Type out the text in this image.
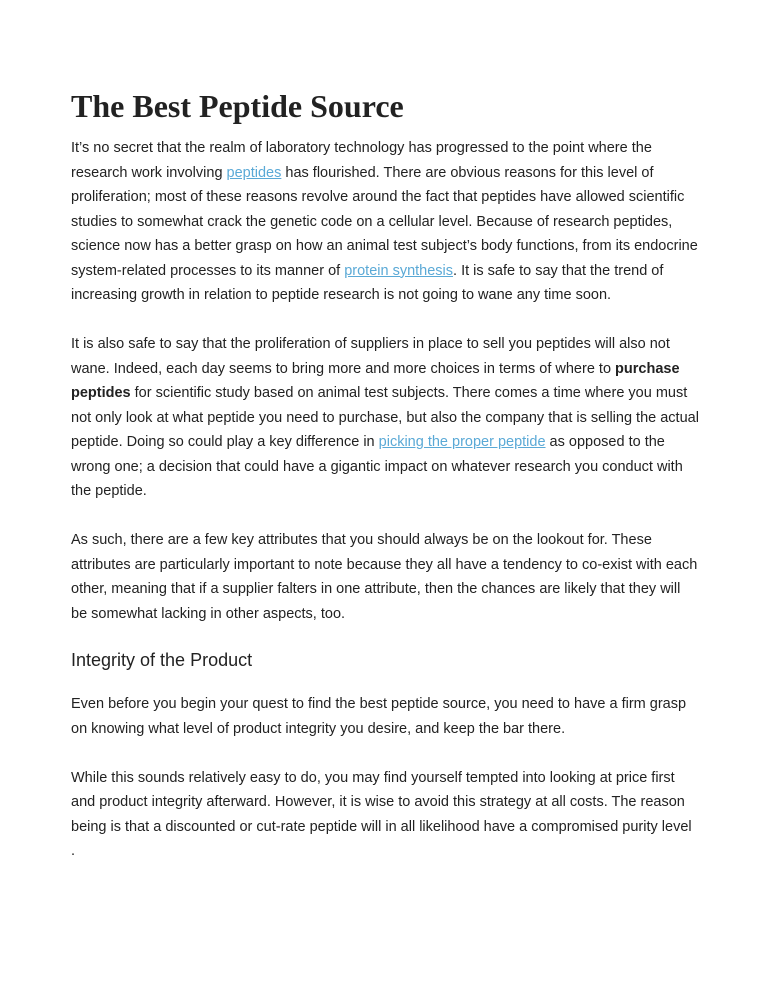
The Best Peptide Source

It’s no secret that the realm of laboratory technology has progressed to the point where the research work involving peptides has flourished. There are obvious reasons for this level of proliferation; most of these reasons revolve around the fact that peptides have allowed scientific studies to somewhat crack the genetic code on a cellular level. Because of research peptides, science now has a better grasp on how an animal test subject’s body functions, from its endocrine system-related processes to its manner of protein synthesis. It is safe to say that the trend of increasing growth in relation to peptide research is not going to wane any time soon.

It is also safe to say that the proliferation of suppliers in place to sell you peptides will also not wane. Indeed, each day seems to bring more and more choices in terms of where to purchase peptides for scientific study based on animal test subjects. There comes a time where you must not only look at what peptide you need to purchase, but also the company that is selling the actual peptide. Doing so could play a key difference in picking the proper peptide as opposed to the wrong one; a decision that could have a gigantic impact on whatever research you conduct with the peptide.

As such, there are a few key attributes that you should always be on the lookout for. These attributes are particularly important to note because they all have a tendency to co-exist with each other, meaning that if a supplier falters in one attribute, then the chances are likely that they will be somewhat lacking in other aspects, too.

Integrity of the Product

Even before you begin your quest to find the best peptide source, you need to have a firm grasp on knowing what level of product integrity you desire, and keep the bar there.

While this sounds relatively easy to do, you may find yourself tempted into looking at price first and product integrity afterward. However, it is wise to avoid this strategy at all costs. The reason being is that a discounted or cut-rate peptide will in all likelihood have a compromised purity level .
